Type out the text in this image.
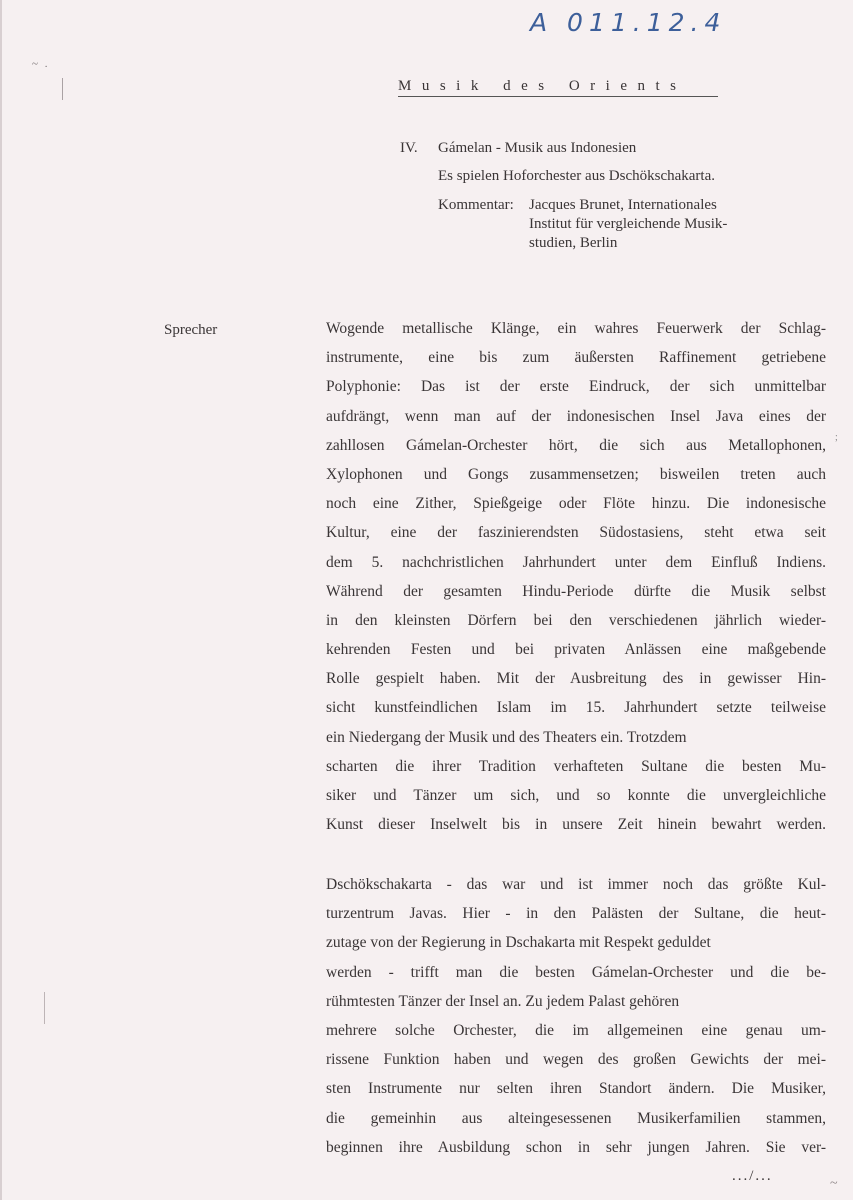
A 011.12.4
~ .
Musik des Orients
IV. Gámelan - Musik aus Indonesien
Es spielen Hoforchester aus Dschökschakarta.
Kommentar: Jacques Brunet, Internationales
Institut für vergleichende Musik-
studien, Berlin
Sprecher	Wogende metallische Klänge, ein wahres Feuerwerk der Schlag-
instrumente, eine bis zum äußersten Raffinement getriebene
Polyphonie: Das ist der erste Eindruck, der sich unmittelbar
aufdrängt, wenn man auf der indonesischen Insel Java eines der
zahllosen Gámelan-Orchester hört, die sich aus Metallophonen,
Xylophonen und Gongs zusammensetzen; bisweilen treten auch
noch eine Zither, Spießgeige oder Flöte hinzu. Die indonesische
Kultur, eine der faszinierendsten Südostasiens, steht etwa seit
dem 5. nachchristlichen Jahrhundert unter dem Einfluß Indiens.
Während der gesamten Hindu-Periode dürfte die Musik selbst
in den kleinsten Dörfern bei den verschiedenen jährlich wieder-
kehrenden Festen und bei privaten Anlässen eine maßgebende
Rolle gespielt haben. Mit der Ausbreitung des in gewisser Hin-
sicht kunstfeindlichen Islam im 15. Jahrhundert setzte teilweise
ein Niedergang der Musik und des Theaters ein. Trotzdem
scharten die ihrer Tradition verhafteten Sultane die besten Mu-
siker und Tänzer um sich, und so konnte die unvergleichliche
Kunst dieser Inselwelt bis in unsere Zeit hinein bewahrt werden.
Dschökschakarta - das war und ist immer noch das größte Kul-
turzentrum Javas. Hier - in den Palästen der Sultane, die heut-
zutage von der Regierung in Dschakarta mit Respekt geduldet
werden - trifft man die besten Gámelan-Orchester und die be-
rühmtesten Tänzer der Insel an. Zu jedem Palast gehören
mehrere solche Orchester, die im allgemeinen eine genau um-
rissene Funktion haben und wegen des großen Gewichts der mei-
sten Instrumente nur selten ihren Standort ändern. Die Musiker,
die gemeinhin aus alteingesessenen Musikerfamilien stammen,
beginnen ihre Ausbildung schon in sehr jungen Jahren. Sie ver-
;
.../...	~
